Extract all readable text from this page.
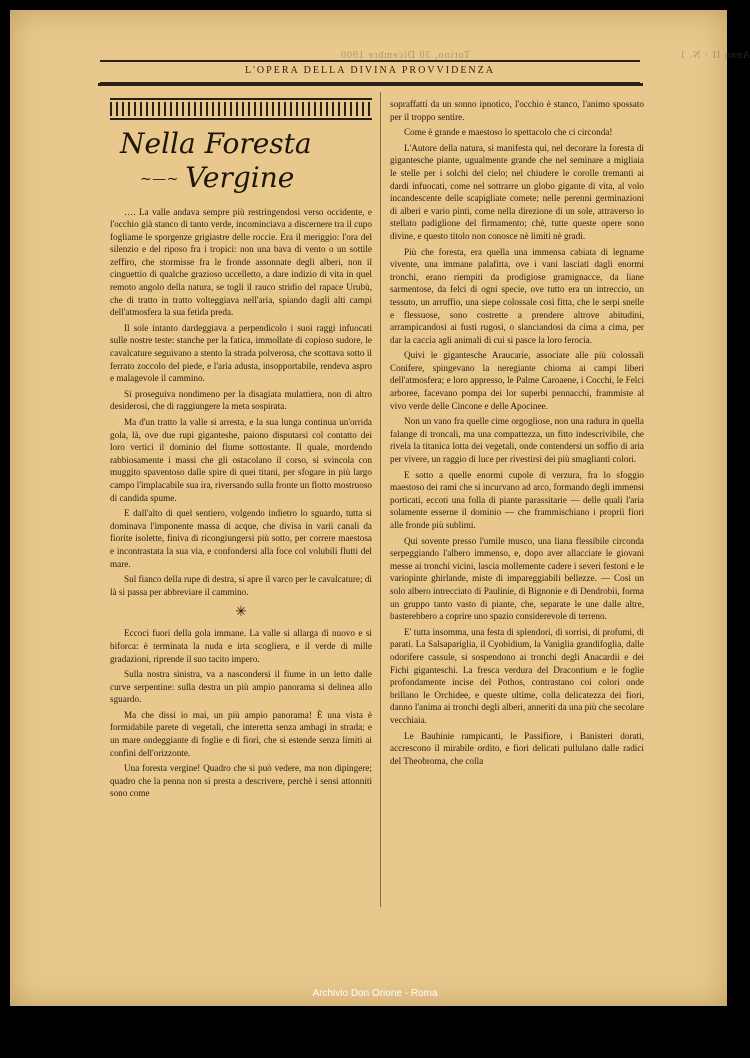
Torino, 30 Dicembre 1900	Anno II · N. 1
L'OPERA DELLA DIVINA PROVVIDENZA
Nella Foresta
~ — ~ Vergine

…. La valle andava sempre più restringendosi verso occidente, e l'occhio già stanco di tanto verde, incominciava a discernere tra il cupo fogliame le sporgenze grigiastre delle roccie. Era il meriggio: l'ora del silenzio e del riposo fra i tropici: non una bava di vento o un sottile zeffiro, che stormisse fra le fronde assonnate degli alberi, non il cinguettio di qualche grazioso uccelletto, a dare indizio di vita in quel remoto angolo della natura, se togli il rauco stridio del rapace Urubù, che di tratto in tratto volteggiava nell'aria, spiando dagli alti campi dell'atmosfera la sua fetida preda.

Il sole intanto dardeggiava a perpendicolo i suoi raggi infuocati sulle nostre teste: stanche per la fatica, immollate di copioso sudore, le cavalcature seguivano a stento la strada polverosa, che scottava sotto il ferrato zoccolo del piede, e l'aria adusta, insopportabile, rendeva aspro e malagevole il cammino.

Si proseguiva nondimeno per la disagiata mulattiera, non di altro desiderosi, che di raggiungere la meta sospirata.

Ma d'un tratto la valle si arresta, e la sua lunga continua un'orrida gola, là, ove due rupi giganteshe, paiono disputarsi col contatto dei loro vertici il dominio del fiume sottostante. Il quale, mordendo rabbiosamente i massi che gli ostacolano il corso, si svincola con muggito spaventoso dalle spire di quei titani, per sfogare in più largo campo l'implacabile sua ira, riversando sulla fronte un flotto mostruoso di candida spume.

E dall'alto di quel sentiero, volgendo indietro lo sguardo, tutta si dominava l'imponente massa di acque, che divisa in varii canali da fiorite isolette, finiva di ricongiungersi più sotto, per correre maestosa e incontrastata la sua via, e confondersi alla foce col volubili flutti del mare.

Sul fianco della rupe di destra, si apre il varco per le cavalcature; di là si passa per abbreviare il cammino.

✳

Eccoci fuori della gola immane. La valle si allarga di nuovo e si biforca: è terminata la nuda e irta scogliera, e il verde di mille gradazioni, riprende il suo tacito impero.

Sulla nostra sinistra, va a nascondersi il fiume in un letto dalle curve serpentine: sulla destra un più ampio panorama si delinea allo sguardo.

Ma che dissi io mai, un più ampio panorama! È una vista è formidabile parete di vegetali, che interetta senza ambagi in strada; e un mare ondeggiante di foglie e di fiori, che si estende senza limiti ai confini dell'orizzonte.

Una foresta vergine! Quadro che si può vedere, ma non dipingere; quadro che la penna non si presta a descrivere, perchè i sensi attonniti sono come

sopraffatti da un sonno ipnotico, l'occhio è stanco, l'animo spossato per il troppo sentire.

Come è grande e maestoso lo spettacolo che ci circonda!

L'Autore della natura, si manifesta qui, nel decorare la foresta di gigantesche piante, ugualmente grande che nel seminare a migliaia le stelle per i solchi del cielo; nel chiudere le corolle tremanti ai dardi infuocati, come nel sottrarre un globo gigante di vita, al volo incandescente delle scapigliate comete; nelle perenni germinazioni di alberi e vario pinti, come nella direzione di un sole, attraverso lo stellato padiglione del firmamento; chè, tutte queste opere sono divine, e questo titolo non conosce nè limiti nè gradi.

Più che foresta, era quella una immensa cabiata di legname vivente, una immane palafitta, ove i vani lasciati dagli enormi tronchi, erano riempiti da prodigiose gramignacce, da liane sarmentose, da felci di ogni specie, ove tutto era un intreccio, un tessuto, un arruffio, una siepe colossale così fitta, che le serpi snelle e flessuose, sono costrette a prendere altrove abitudini, arrampicandosi ai fusti rugosi, o slanciandosi da cima a cima, per dar la caccia agli animali di cui si pasce la loro ferocia.

Quivi le gigantesche Araucarie, associate alle più colossali Conifere, spingevano la neregiante chioma ai campi liberi dell'atmosfera; e loro appresso, le Palme Caroaene, i Cocchi, le Felci arboree, facevano pompa dei lor superbi pennacchi, frammiste al vivo verde delle Cincone e delle Apocinee.

Non un vano fra quelle cime orgogliose, non una radura in quella falange di troncali, ma una compattezza, un fitto indescrivibile, che rivela la titanica lotta dei vegetali, onde contendersi un soffio di aria per vivere, un raggio di luce per rivestirsi dei più smaglianti colori.

E sotto a quelle enormi cupole di verzura, fra lo sfoggio maestoso dei rami che si incurvano ad arco, formando degli immensi porticati, eccoti una folla di piante parassitarie — delle quali l'aria solamente esserne il dominio — che frammischiano i proprii fiori alle fronde più sublimi.

Qui sovente presso l'umile musco, una liana flessibile circonda serpeggiando l'albero immenso, e, dopo aver allacciate le giovani messe ai tronchi vicini, lascia mollemente cadere i severi festoni e le variopinte ghirlande, miste di impareggiabili bellezze. — Così un solo albero intrecciato di Paulinie, di Bignonie e di Dendrobii, forma un gruppo tanto vasto di piante, che, separate le une dalle altre, basterebbero a coprire uno spazio considerevole di terreno.

E' tutta insomma, una festa di splendori, di sorrisi, di profumi, di parati. La Salsapariglia, il Cyobidium, la Vaniglia grandifoglia, dalle odorifere cassule, si sospendono ai tronchi degli Anacardii e dei Fichi giganteschi. La fresca verdura del Dracontium e le foglie profondamente incise del Pothos, contrastano coi colori onde brillano le Orchidee, e queste ultime, colla delicatezza dei fiori, danno l'anima ai tronchi degli alberi, anneriti da una più che secolare vecchiaia.

Le Bauhinie rampicanti, le Passifiore, i Banisteri dorati, accrescono il mirabile ordito, e fiori delicati pullulano dalle radici del Theobroma, che colla

Archivio Don Orione - Roma
